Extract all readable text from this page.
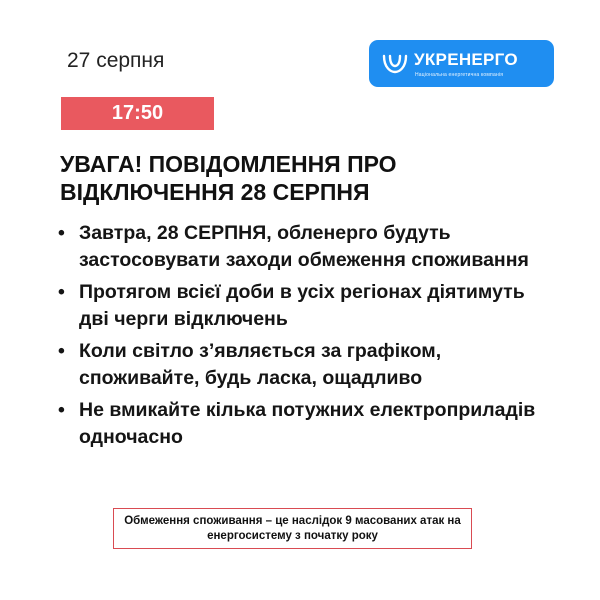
27 серпня	УКРЕНЕРГО
Національна енергетична компанія
17:50
УВАГА! ПОВІДОМЛЕННЯ ПРО ВІДКЛЮЧЕННЯ 28 СЕРПНЯ
• Завтра, 28 СЕРПНЯ, обленерго будуть застосовувати заходи обмеження споживання
• Протягом всієї доби в усіх регіонах діятимуть дві черги відключень
• Коли світло з’являється за графіком, споживайте, будь ласка, ощадливо
• Не вмикайте кілька потужних електроприладів одночасно
Обмеження споживання – це наслідок 9 масованих атак на енергосистему з початку року
